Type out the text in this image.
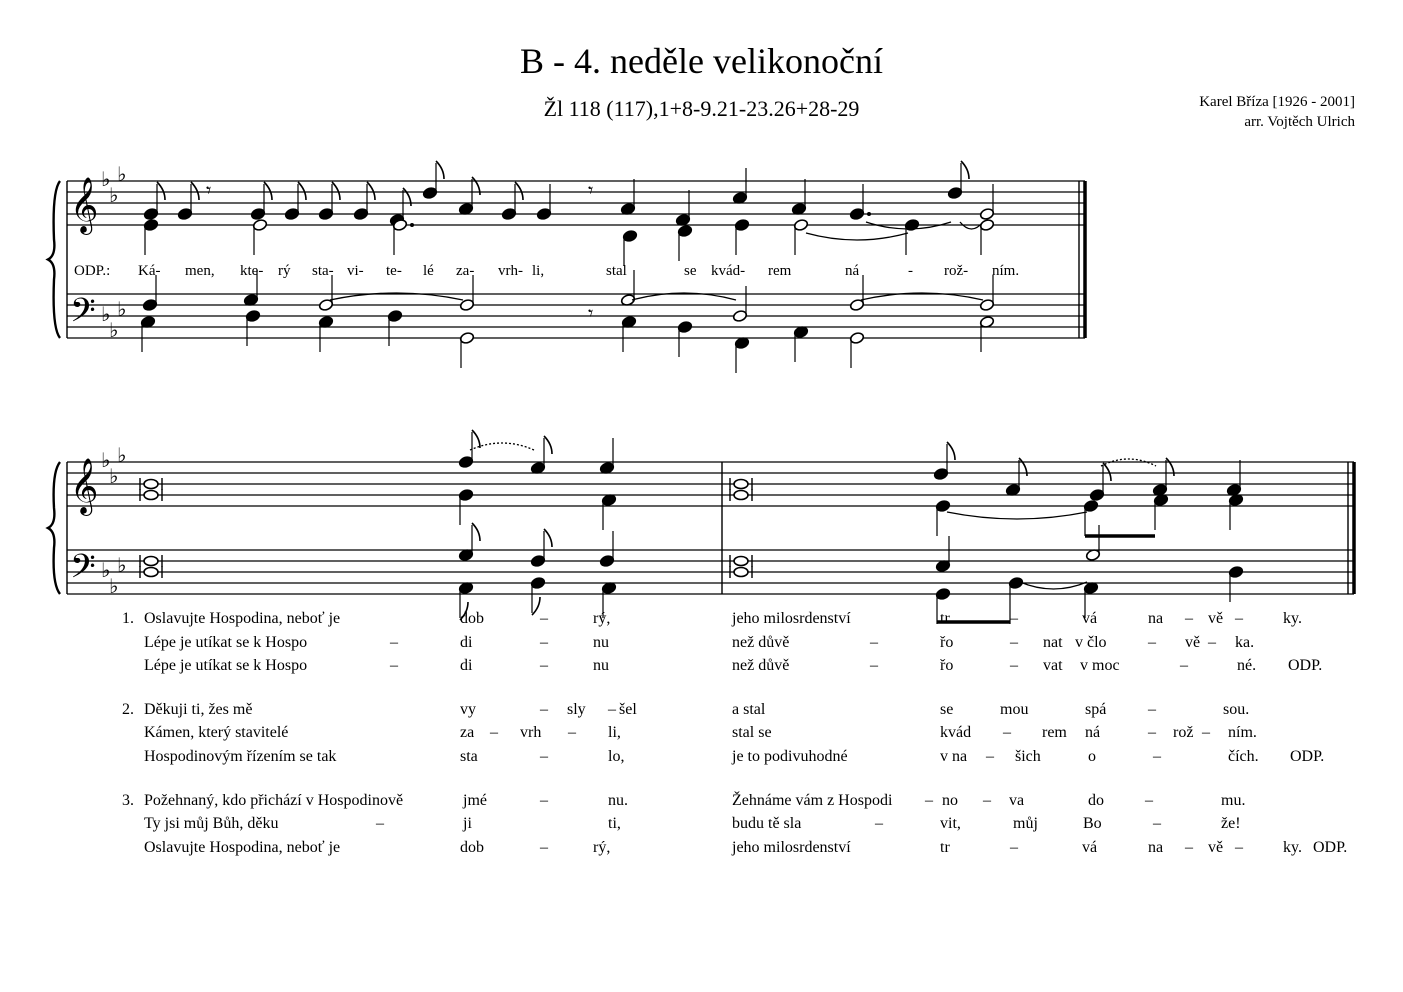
B - 4. neděle velikonoční
Žl 118 (117),1+8-9.21-23.26+28-29	Karel Bříza [1926 - 2001]
arr. Vojtěch Ulrich
𝄞
𝄢
♭
♭
♭
♭
♭
♭
𝄾	𝄾
𝄾
𝄞
𝄢
♭
♭
♭
♭
♭
♭
ODP.: Ká- men, kte- rý sta- vi- te- lé za- vrh- li,	stal	se kvád- rem	ná	- rož- ním.
1. Oslavujte Hospodina, neboť je	dob	–	rý,	jeho milosrdenství	tr	–	vá	na – vě –	ky.
Lépe je utíkat se k Hospo	–	di	–	nu	než důvě	–	řo	– nat v člo	– vě – ka.
Lépe je utíkat se k Hospo	–	di	–	nu	než důvě	–	řo	– vat v moc	–	né. ODP.
2. Děkuji ti, žes mě	vy	– sly – šel	a stal	se	mou	spá	–	sou.
Kámen, který stavitelé	za – vrh – li,	stal se	kvád – rem ná	– rož – ním.
Hospodinovým řízením se tak	sta	–	lo,	je to podivuhodné	v na – šich	o	–	čích. ODP.
3. Požehnaný, kdo přichází v Hospodinově	jmé	–	nu.	Žehnáme vám z Hospodi – no – va	do	–	mu.
Ty jsi můj Bůh, děku	–	ji	ti,	budu tě sla	–	vit,	můj	Bo	–	že!
Oslavujte Hospodina, neboť je	dob	–	rý,	jeho milosrdenství	tr	–	vá	na – vě –	ky. ODP.
